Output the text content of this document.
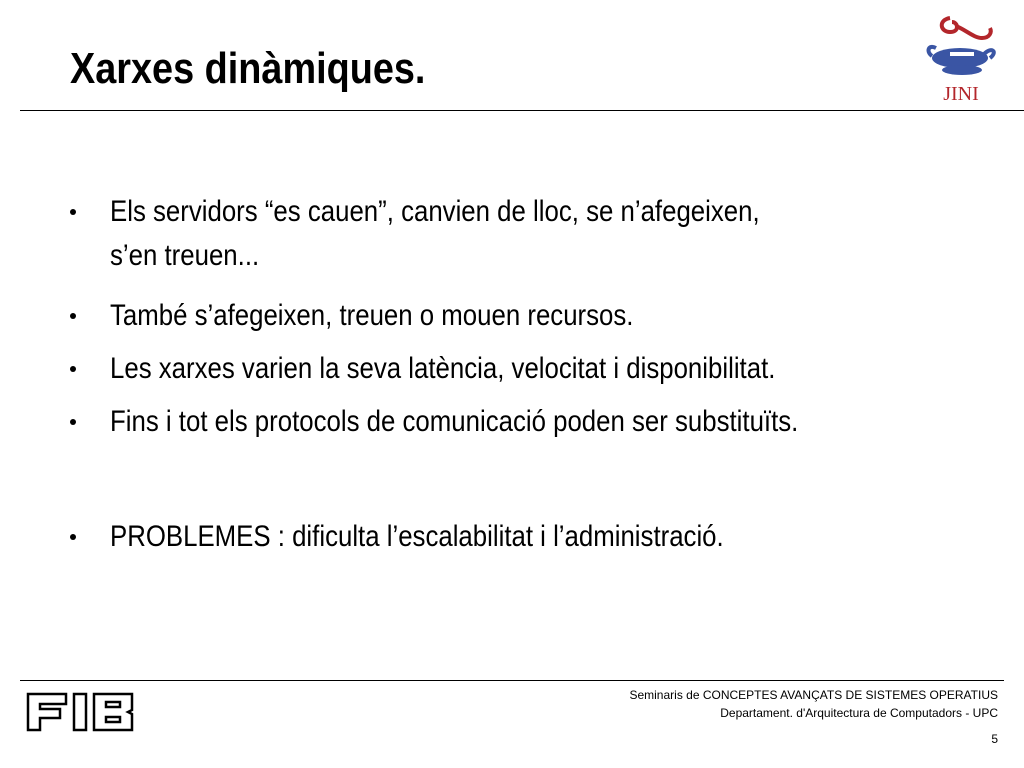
Xarxes dinàmiques.
JINI
Els servidors “es cauen”, canvien de lloc, se n’afegeixen,
s’en treuen...
També s’afegeixen, treuen o mouen recursos.
Les xarxes varien la seva latència, velocitat i disponibilitat.
Fins i tot els protocols de comunicació poden ser substituïts.
PROBLEMES : dificulta l’escalabilitat i l’administració.
FIB	Seminaris de CONCEPTES AVANÇATS DE SISTEMES OPERATIUS
Departament. d'Arquitectura de Computadors - UPC
5
